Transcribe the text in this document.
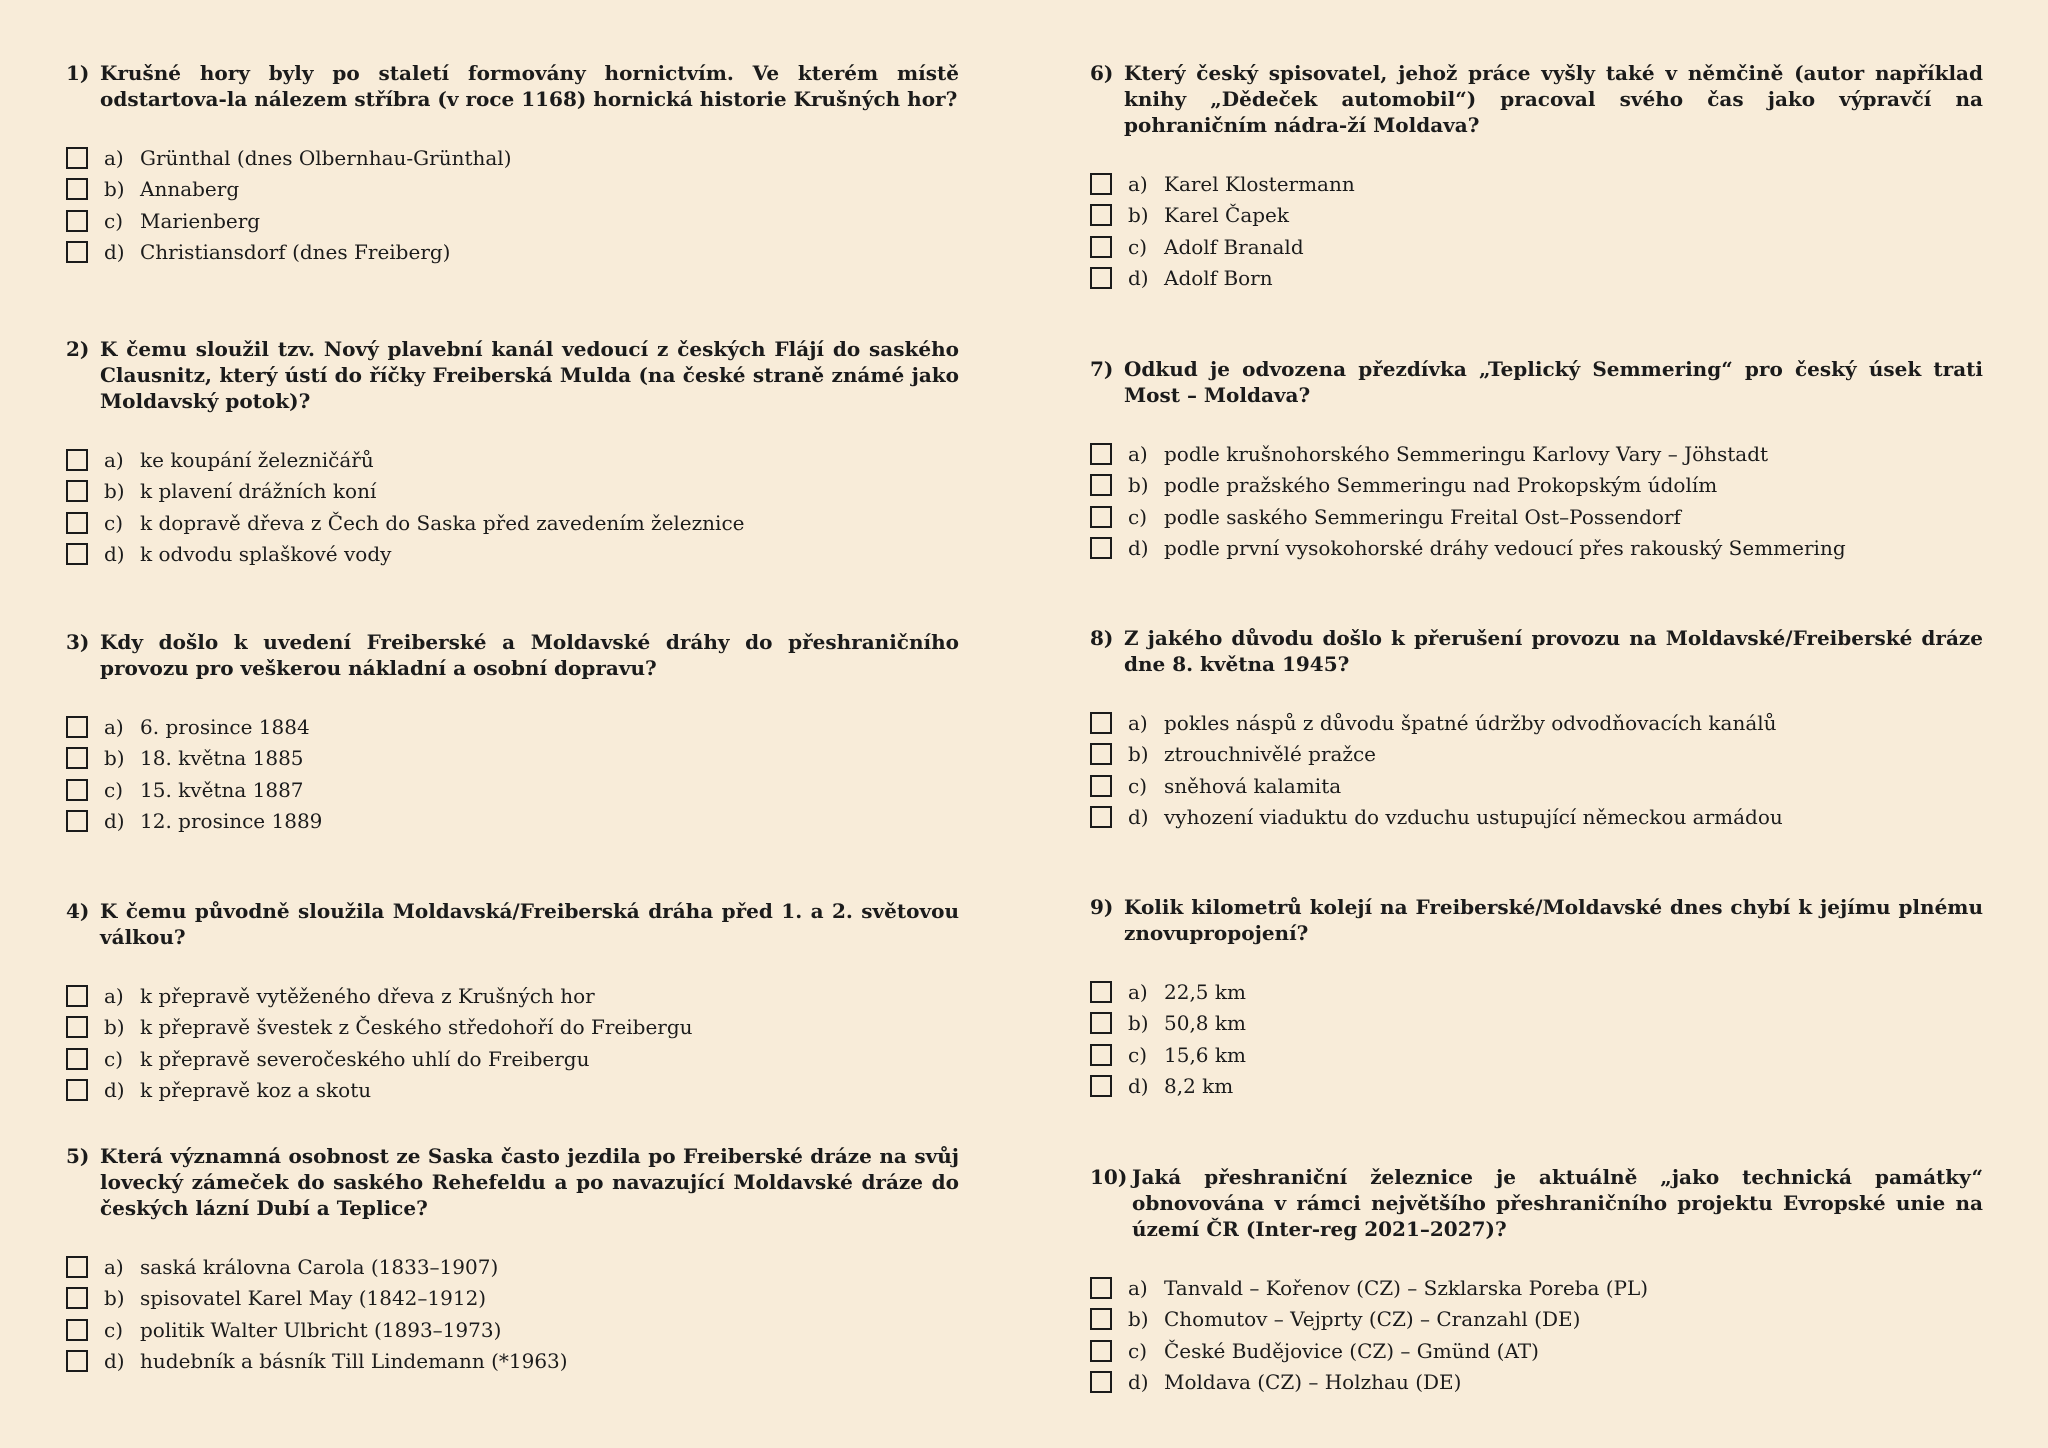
1) Krušné hory byly po staletí formovány hornictvím. Ve kterém místě odstartova-la nálezem stříbra (v roce 1168) hornická historie Krušných hor?
a) Grünthal (dnes Olbernhau-Grünthal)
b) Annaberg
c) Marienberg
d) Christiansdorf (dnes Freiberg)
2) K čemu sloužil tzv. Nový plavební kanál vedoucí z českých Flájí do saského Clausnitz, který ústí do říčky Freiberská Mulda (na české straně známé jako Moldavský potok)?
a) ke koupání železničářů
b) k plavení drážních koní
c) k dopravě dřeva z Čech do Saska před zavedením železnice
d) k odvodu splaškové vody
3) Kdy došlo k uvedení Freiberské a Moldavské dráhy do přeshraničního provozu pro veškerou nákladní a osobní dopravu?
a) 6. prosince 1884
b) 18. května 1885
c) 15. května 1887
d) 12. prosince 1889
4) K čemu původně sloužila Moldavská/Freiberská dráha před 1. a 2. světovou válkou?
a) k přepravě vytěženého dřeva z Krušných hor
b) k přepravě švestek z Českého středohoří do Freibergu
c) k přepravě severočeského uhlí do Freibergu
d) k přepravě koz a skotu
5) Která významná osobnost ze Saska často jezdila po Freiberské dráze na svůj lovecký zámeček do saského Rehefeldu a po navazující Moldavské dráze do českých lázní Dubí a Teplice?
a) saská královna Carola (1833–1907)
b) spisovatel Karel May (1842–1912)
c) politik Walter Ulbricht (1893–1973)
d) hudebník a básník Till Lindemann (*1963)
6) Který český spisovatel, jehož práce vyšly také v němčině (autor například knihy „Dědeček automobil“) pracoval svého čas jako výpravčí na pohraničním nádra-ží Moldava?
a) Karel Klostermann
b) Karel Čapek
c) Adolf Branald
d) Adolf Born
7) Odkud je odvozena přezdívka „Teplický Semmering“ pro český úsek trati Most – Moldava?
a) podle krušnohorského Semmeringu Karlovy Vary – Jöhstadt
b) podle pražského Semmeringu nad Prokopským údolím
c) podle saského Semmeringu Freital Ost–Possendorf
d) podle první vysokohorské dráhy vedoucí přes rakouský Semmering
8) Z jakého důvodu došlo k přerušení provozu na Moldavské/Freiberské dráze dne 8. května 1945?
a) pokles náspů z důvodu špatné údržby odvodňovacích kanálů
b) ztrouchnivělé pražce
c) sněhová kalamita
d) vyhození viaduktu do vzduchu ustupující německou armádou
9) Kolik kilometrů kolejí na Freiberské/Moldavské dnes chybí k jejímu plnému znovupropojení?
a) 22,5 km
b) 50,8 km
c) 15,6 km
d) 8,2 km
10) Jaká přeshraniční železnice je aktuálně „jako technická památky“ obnovována v rámci největšího přeshraničního projektu Evropské unie na území ČR (Inter-reg 2021–2027)?
a) Tanvald – Kořenov (CZ) – Szklarska Poreba (PL)
b) Chomutov – Vejprty (CZ) – Cranzahl (DE)
c) České Budějovice (CZ) – Gmünd (AT)
d) Moldava (CZ) – Holzhau (DE)
